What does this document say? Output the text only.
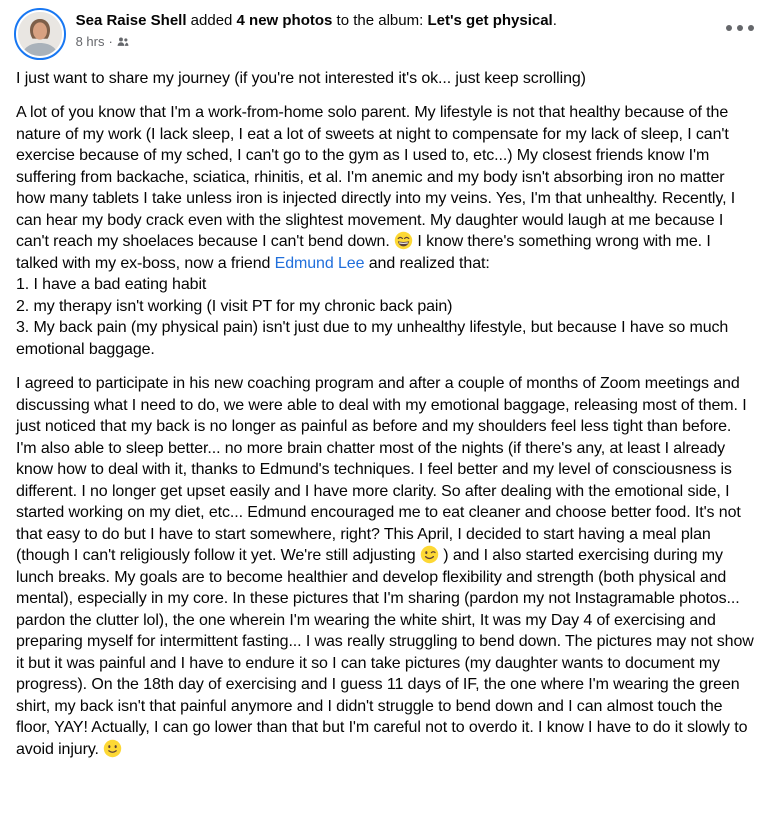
Sea Raise Shell added 4 new photos to the album: Let's get physical.
8 hrs ·

I just want to share my journey (if you're not interested it's ok... just keep scrolling)

A lot of you know that I'm a work-from-home solo parent. My lifestyle is not that healthy because of the nature of my work (I lack sleep, I eat a lot of sweets at night to compensate for my lack of sleep, I can't exercise because of my sched, I can't go to the gym as I used to, etc...) My closest friends know I'm suffering from backache, sciatica, rhinitis, et al. I'm anemic and my body isn't absorbing iron no matter how many tablets I take unless iron is injected directly into my veins. Yes, I'm that unhealthy. Recently, I can hear my body crack even with the slightest movement. My daughter would laugh at me because I can't reach my shoelaces because I can't bend down.
I know there's something wrong with me. I talked with my ex-boss, now a friend Edmund Lee and realized that:
1. I have a bad eating habit
2. my therapy isn't working (I visit PT for my chronic back pain)
3. My back pain (my physical pain) isn't just due to my unhealthy lifestyle, but because I have so much emotional baggage.

I agreed to participate in his new coaching program and after a couple of months of Zoom meetings and discussing what I need to do, we were able to deal with my emotional baggage, releasing most of them. I just noticed that my back is no longer as painful as before and my shoulders feel less tight than before. I'm also able to sleep better... no more brain chatter most of the nights (if there's any, at least I already know how to deal with it, thanks to Edmund's techniques. I feel better and my level of consciousness is different. I no longer get upset easily and I have more clarity. So after dealing with the emotional side, I started working on my diet, etc... Edmund encouraged me to eat cleaner and choose better food. It's not that easy to do but I have to start somewhere, right? This April, I decided to start having a meal plan (though I can't religiously follow it yet. We're still adjusting
) and I also started exercising during my lunch breaks. My goals are to become healthier and develop flexibility and strength (both physical and mental), especially in my core. In these pictures that I'm sharing (pardon my not Instagramable photos... pardon the clutter lol), the one wherein I'm wearing the white shirt, It was my Day 4 of exercising and preparing myself for intermittent fasting... I was really struggling to bend down. The pictures may not show it but it was painful and I have to endure it so I can take pictures (my daughter wants to document my progress). On the 18th day of exercising and I guess 11 days of IF, the one where I'm wearing the green shirt, my back isn't that painful anymore and I didn't struggle to bend down and I can almost touch the floor, YAY! Actually, I can go lower than that but I'm careful not to overdo it. I know I have to do it slowly to avoid injury.
